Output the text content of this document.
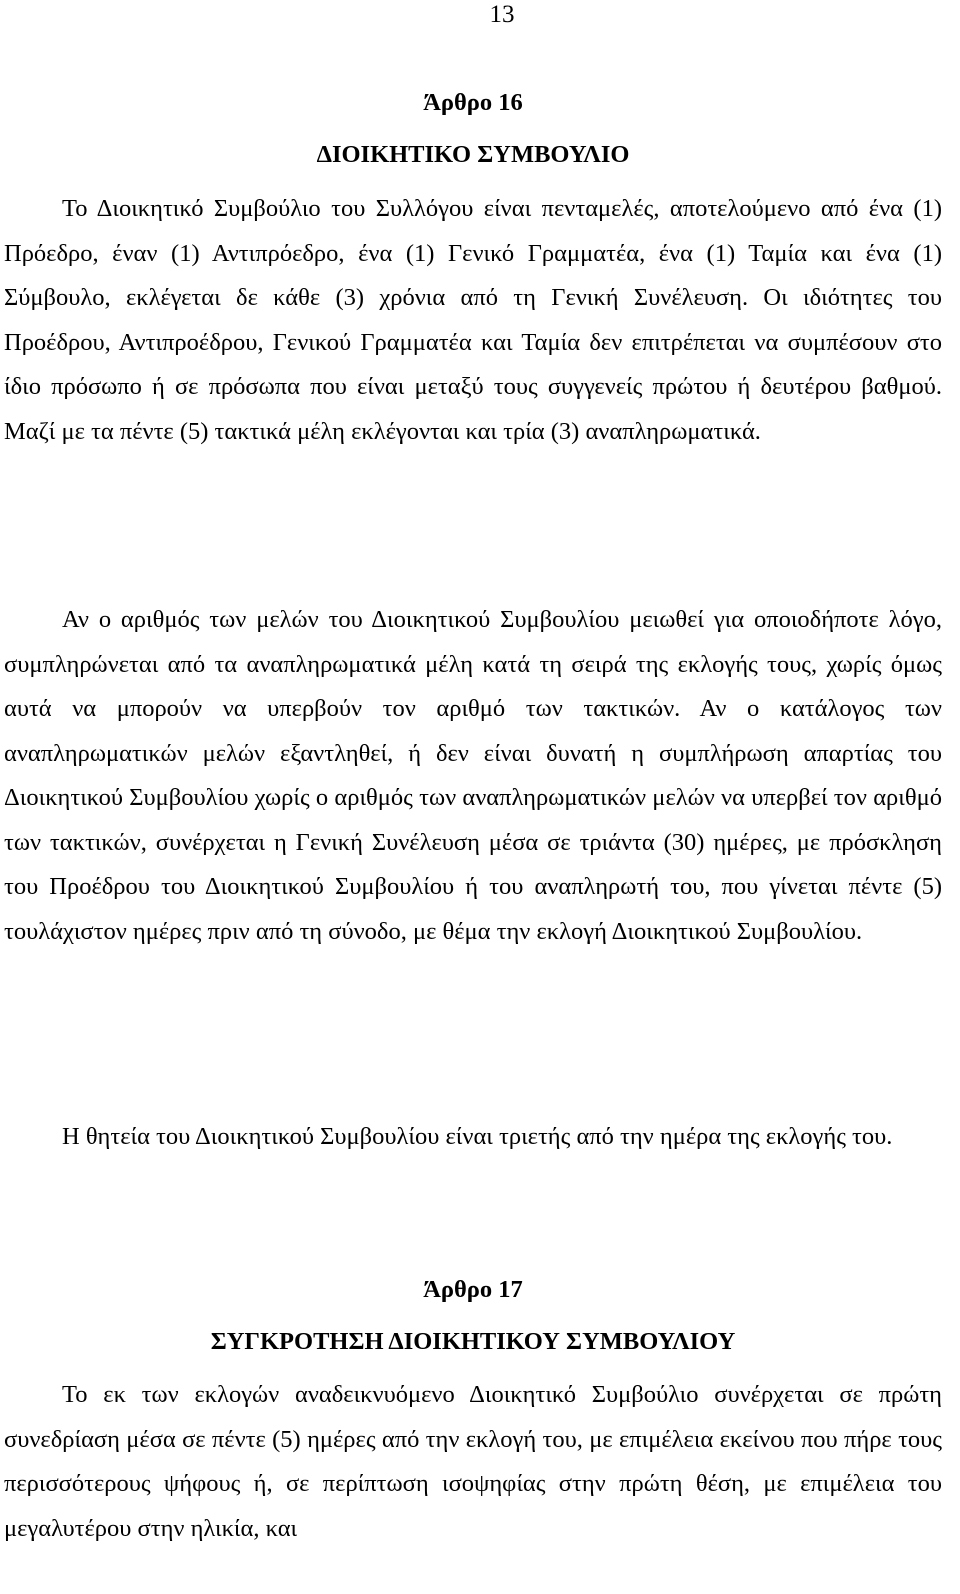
13
Άρθρο 16
ΔΙΟΙΚΗΤΙΚΟ ΣΥΜΒΟΥΛΙΟ

Το Διοικητικό Συμβούλιο του Συλλόγου είναι πενταμελές, αποτελούμενο από ένα (1) Πρόεδρο, έναν (1) Αντιπρόεδρο, ένα (1) Γενικό Γραμματέα, ένα (1) Ταμία και ένα (1) Σύμβουλο, εκλέγεται δε κάθε (3) χρόνια από τη Γενική Συνέλευση. Οι ιδιότητες του Προέδρου, Αντιπροέδρου, Γενικού Γραμματέα και Ταμία δεν επιτρέπεται να συμπέσουν στο ίδιο πρόσωπο ή σε πρόσωπα που είναι μεταξύ τους συγγενείς πρώτου ή δευτέρου βαθμού. Μαζί με τα πέντε (5) τακτικά μέλη εκλέγονται και τρία (3) αναπληρωματικά.

Αν ο αριθμός των μελών του Διοικητικού Συμβουλίου μειωθεί για οποιοδήποτε λόγο, συμπληρώνεται από τα αναπληρωματικά μέλη κατά τη σειρά της εκλογής τους, χωρίς όμως αυτά να μπορούν να υπερβούν τον αριθμό των τακτικών. Αν ο κατάλογος των αναπληρωματικών μελών εξαντληθεί, ή δεν είναι δυνατή η συμπλήρωση απαρτίας του Διοικητικού Συμβουλίου χωρίς ο αριθμός των αναπληρωματικών μελών να υπερβεί τον αριθμό των τακτικών, συνέρχεται η Γενική Συνέλευση μέσα σε τριάντα (30) ημέρες, με πρόσκληση του Προέδρου του Διοικητικού Συμβουλίου ή του αναπληρωτή του, που γίνεται πέντε (5) τουλάχιστον ημέρες πριν από τη σύνοδο, με θέμα την εκλογή Διοικητικού Συμβουλίου.

Η θητεία του Διοικητικού Συμβουλίου είναι τριετής από την ημέρα της εκλογής του.

Άρθρο 17
ΣΥΓΚΡΟΤΗΣΗ ΔΙΟΙΚΗΤΙΚΟΥ ΣΥΜΒΟΥΛΙΟΥ

Το εκ των εκλογών αναδεικνυόμενο Διοικητικό Συμβούλιο συνέρχεται σε πρώτη συνεδρίαση μέσα σε πέντε (5) ημέρες από την εκλογή του, με επιμέλεια εκείνου που πήρε τους περισσότερους ψήφους ή, σε περίπτωση ισοψηφίας στην πρώτη θέση, με επιμέλεια του μεγαλυτέρου στην ηλικία, και
